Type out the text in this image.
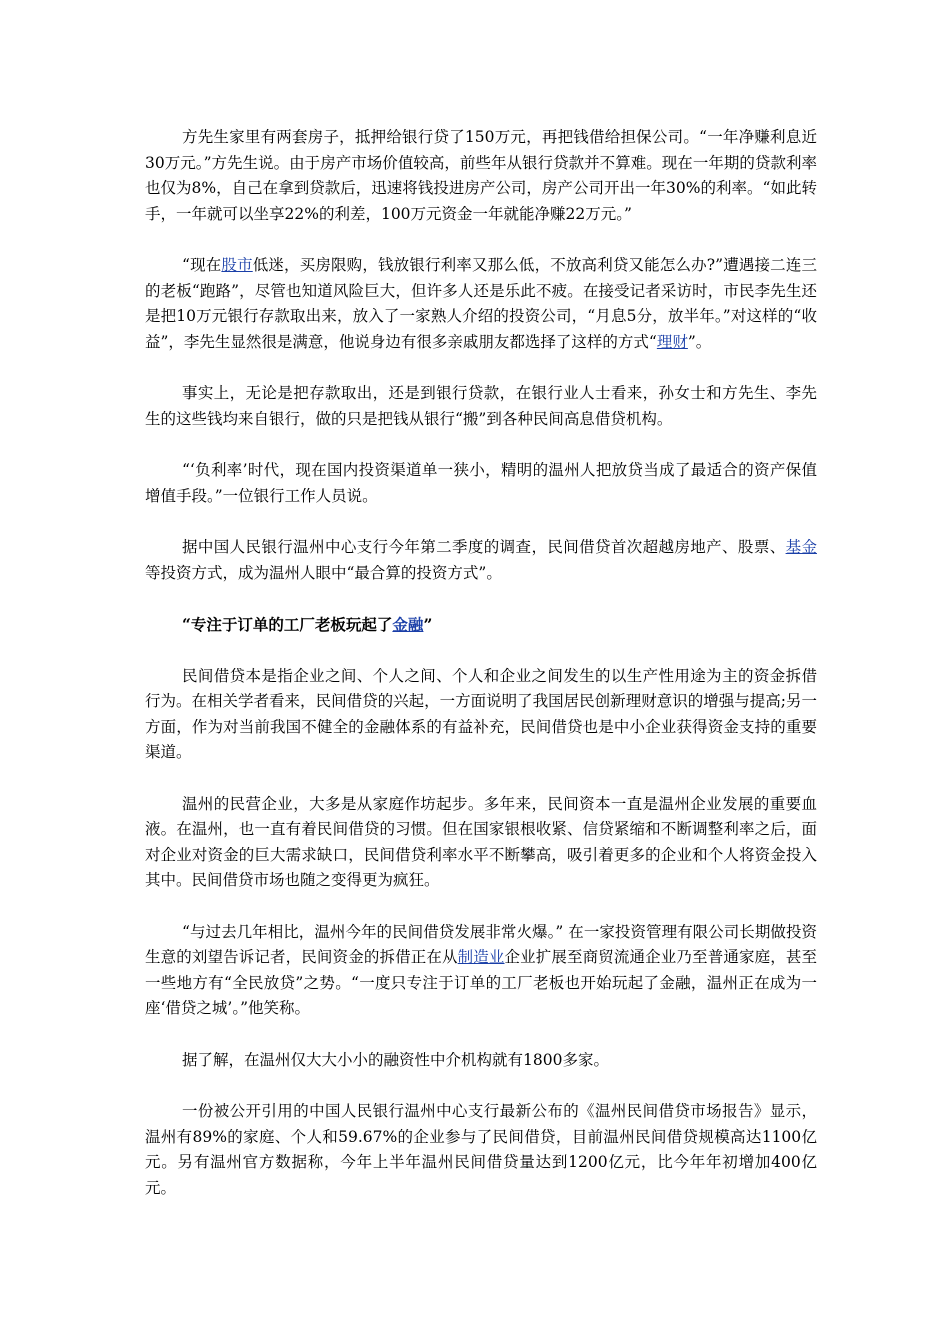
方先生家里有两套房子，抵押给银行贷了150万元，再把钱借给担保公司。“一年净赚利息近30万元。”方先生说。由于房产市场价值较高，前些年从银行贷款并不算难。现在一年期的贷款利率也仅为8%，自己在拿到贷款后，迅速将钱投进房产公司，房产公司开出一年30%的利率。“如此转手，一年就可以坐享22%的利差，100万元资金一年就能净赚22万元。”

“现在股市低迷，买房限购，钱放银行利率又那么低，不放高利贷又能怎么办?”遭遇接二连三的老板“跑路”，尽管也知道风险巨大，但许多人还是乐此不疲。在接受记者采访时，市民李先生还是把10万元银行存款取出来，放入了一家熟人介绍的投资公司，“月息5分，放半年。”对这样的“收益”，李先生显然很是满意，他说身边有很多亲戚朋友都选择了这样的方式“理财”。

事实上，无论是把存款取出，还是到银行贷款，在银行业人士看来，孙女士和方先生、李先生的这些钱均来自银行，做的只是把钱从银行“搬”到各种民间高息借贷机构。

“‘负利率’时代，现在国内投资渠道单一狭小，精明的温州人把放贷当成了最适合的资产保值增值手段。”一位银行工作人员说。

据中国人民银行温州中心支行今年第二季度的调查，民间借贷首次超越房地产、股票、基金等投资方式，成为温州人眼中“最合算的投资方式”。

“专注于订单的工厂老板玩起了金融”

民间借贷本是指企业之间、个人之间、个人和企业之间发生的以生产性用途为主的资金拆借行为。在相关学者看来，民间借贷的兴起，一方面说明了我国居民创新理财意识的增强与提高;另一方面，作为对当前我国不健全的金融体系的有益补充，民间借贷也是中小企业获得资金支持的重要渠道。

温州的民营企业，大多是从家庭作坊起步。多年来，民间资本一直是温州企业发展的重要血液。在温州，也一直有着民间借贷的习惯。但在国家银根收紧、信贷紧缩和不断调整利率之后，面对企业对资金的巨大需求缺口，民间借贷利率水平不断攀高，吸引着更多的企业和个人将资金投入其中。民间借贷市场也随之变得更为疯狂。

“与过去几年相比，温州今年的民间借贷发展非常火爆。” 在一家投资管理有限公司长期做投资生意的刘望告诉记者，民间资金的拆借正在从制造业企业扩展至商贸流通企业乃至普通家庭，甚至一些地方有“全民放贷”之势。“一度只专注于订单的工厂老板也开始玩起了金融，温州正在成为一座‘借贷之城’。”他笑称。

据了解，在温州仅大大小小的融资性中介机构就有1800多家。

一份被公开引用的中国人民银行温州中心支行最新公布的《温州民间借贷市场报告》显示，温州有89%的家庭、个人和59.67%的企业参与了民间借贷，目前温州民间借贷规模高达1100亿元。另有温州官方数据称，今年上半年温州民间借贷量达到1200亿元，比今年年初增加400亿元。
